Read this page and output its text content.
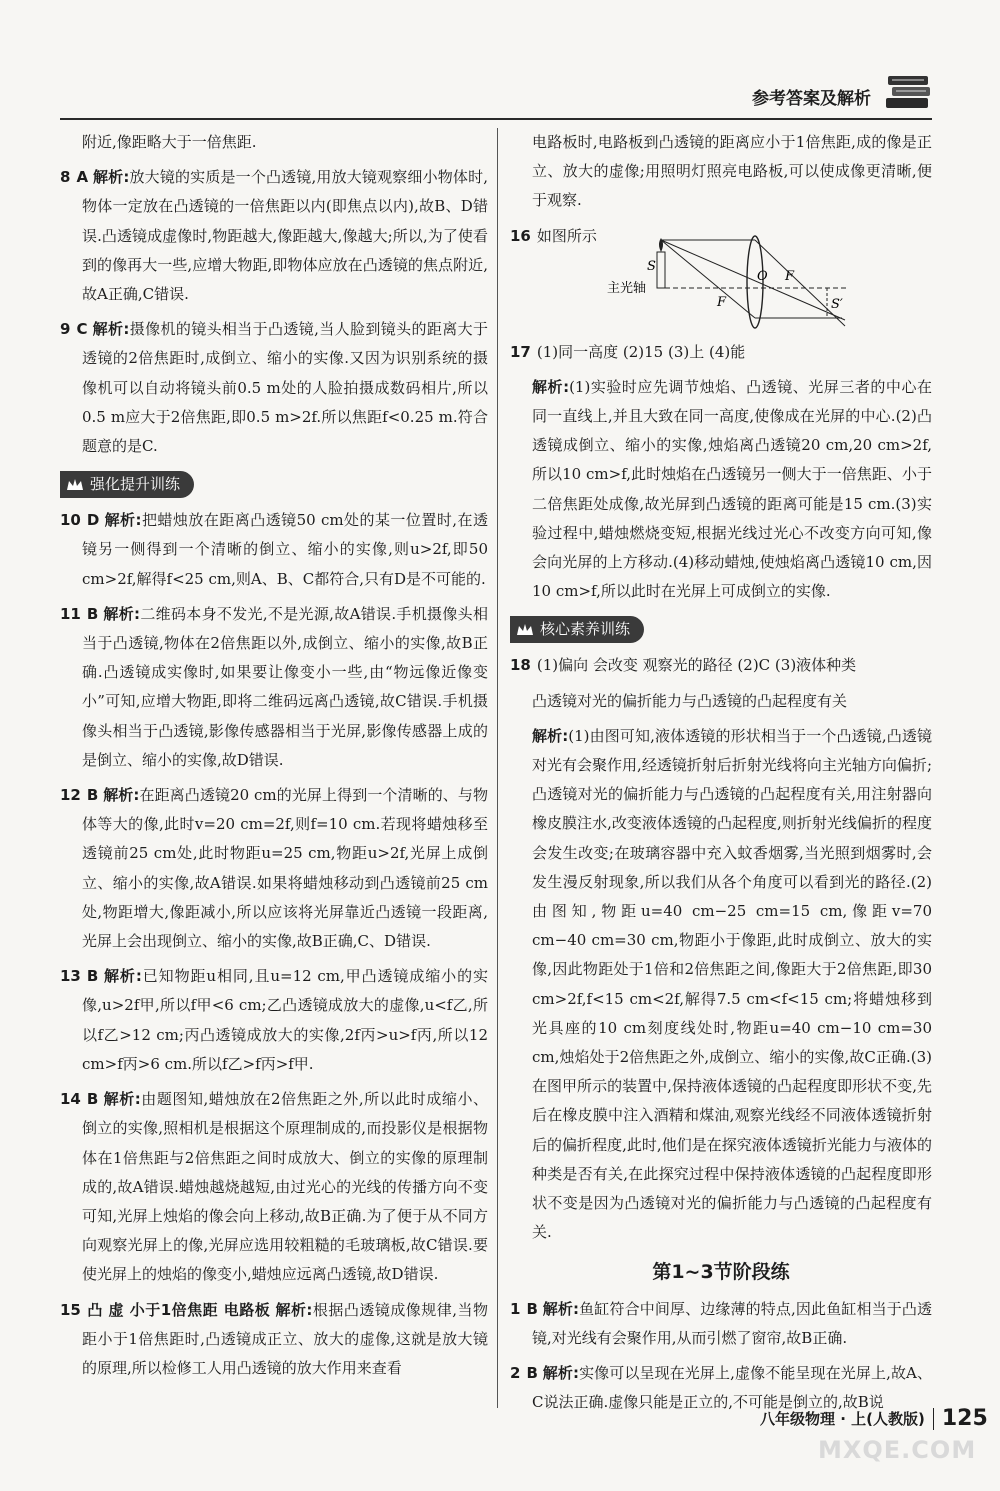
参考答案及解析

附近,像距略大于一倍焦距.

8 A 解析:放大镜的实质是一个凸透镜,用放大镜观察细小物体时,物体一定放在凸透镜的一倍焦距以内(即焦点以内),故B、D错误.凸透镜成虚像时,物距越大,像距越大,像越大;所以,为了使看到的像再大一些,应增大物距,即物体应放在凸透镜的焦点附近,故A正确,C错误.

9 C 解析:摄像机的镜头相当于凸透镜,当人脸到镜头的距离大于透镜的2倍焦距时,成倒立、缩小的实像.又因为识别系统的摄像机可以自动将镜头前0.5 m处的人脸拍摄成数码相片,所以0.5 m应大于2倍焦距,即0.5 m>2f.所以焦距f<0.25 m.符合题意的是C.

强化提升训练

10 D 解析:把蜡烛放在距离凸透镜50 cm处的某一位置时,在透镜另一侧得到一个清晰的倒立、缩小的实像,则u>2f,即50 cm>2f,解得f<25 cm,则A、B、C都符合,只有D是不可能的.

11 B 解析:二维码本身不发光,不是光源,故A错误.手机摄像头相当于凸透镜,物体在2倍焦距以外,成倒立、缩小的实像,故B正确.凸透镜成实像时,如果要让像变小一些,由“物远像近像变小”可知,应增大物距,即将二维码远离凸透镜,故C错误.手机摄像头相当于凸透镜,影像传感器相当于光屏,影像传感器上成的是倒立、缩小的实像,故D错误.

12 B 解析:在距离凸透镜20 cm的光屏上得到一个清晰的、与物体等大的像,此时v=20 cm=2f,则f=10 cm.若现将蜡烛移至透镜前25 cm处,此时物距u=25 cm,物距u>2f,光屏上成倒立、缩小的实像,故A错误.如果将蜡烛移动到凸透镜前25 cm处,物距增大,像距减小,所以应该将光屏靠近凸透镜一段距离,光屏上会出现倒立、缩小的实像,故B正确,C、D错误.

13 B 解析:已知物距u相同,且u=12 cm,甲凸透镜成缩小的实像,u>2f甲,所以f甲<6 cm;乙凸透镜成放大的虚像,u<f乙,所以f乙>12 cm;丙凸透镜成放大的实像,2f丙>u>f丙,所以12 cm>f丙>6 cm.所以f乙>f丙>f甲.

14 B 解析:由题图知,蜡烛放在2倍焦距之外,所以此时成缩小、倒立的实像,照相机是根据这个原理制成的,而投影仪是根据物体在1倍焦距与2倍焦距之间时成放大、倒立的实像的原理制成的,故A错误.蜡烛越烧越短,由过光心的光线的传播方向不变可知,光屏上烛焰的像会向上移动,故B正确.为了便于从不同方向观察光屏上的像,光屏应选用较粗糙的毛玻璃板,故C错误.要使光屏上的烛焰的像变小,蜡烛应远离凸透镜,故D错误.

15 凸 虚 小于1倍焦距 电路板 解析:根据凸透镜成像规律,当物距小于1倍焦距时,凸透镜成正立、放大的虚像,这就是放大镜的原理,所以检修工人用凸透镜的放大作用来查看

电路板时,电路板到凸透镜的距离应小于1倍焦距,成的像是正立、放大的虚像;用照明灯照亮电路板,可以使成像更清晰,便于观察.

16 如图所示
S
O F
F	S′
主光轴

17 (1)同一高度 (2)15 (3)上 (4)能

解析:(1)实验时应先调节烛焰、凸透镜、光屏三者的中心在同一直线上,并且大致在同一高度,使像成在光屏的中心.(2)凸透镜成倒立、缩小的实像,烛焰离凸透镜20 cm,20 cm>2f,所以10 cm>f,此时烛焰在凸透镜另一侧大于一倍焦距、小于二倍焦距处成像,故光屏到凸透镜的距离可能是15 cm.(3)实验过程中,蜡烛燃烧变短,根据光线过光心不改变方向可知,像会向光屏的上方移动.(4)移动蜡烛,使烛焰离凸透镜10 cm,因10 cm>f,所以此时在光屏上可成倒立的实像.

核心素养训练

18 (1)偏向 会改变 观察光的路径 (2)C (3)液体种类

凸透镜对光的偏折能力与凸透镜的凸起程度有关

解析:(1)由图可知,液体透镜的形状相当于一个凸透镜,凸透镜对光有会聚作用,经透镜折射后折射光线将向主光轴方向偏折;凸透镜对光的偏折能力与凸透镜的凸起程度有关,用注射器向橡皮膜注水,改变液体透镜的凸起程度,则折射光线偏折的程度会发生改变;在玻璃容器中充入蚊香烟雾,当光照到烟雾时,会发生漫反射现象,所以我们从各个角度可以看到光的路径.(2)由图知,物距u=40 cm−25 cm=15 cm,像距v=70 cm−40 cm=30 cm,物距小于像距,此时成倒立、放大的实像,因此物距处于1倍和2倍焦距之间,像距大于2倍焦距,即30 cm>2f,f<15 cm<2f,解得7.5 cm<f<15 cm;将蜡烛移到光具座的10 cm刻度线处时,物距u=40 cm−10 cm=30 cm,烛焰处于2倍焦距之外,成倒立、缩小的实像,故C正确.(3)在图甲所示的装置中,保持液体透镜的凸起程度即形状不变,先后在橡皮膜中注入酒精和煤油,观察光线经不同液体透镜折射后的偏折程度,此时,他们是在探究液体透镜折光能力与液体的种类是否有关,在此探究过程中保持液体透镜的凸起程度即形状不变是因为凸透镜对光的偏折能力与凸透镜的凸起程度有关.

第1~3节阶段练

1 B 解析:鱼缸符合中间厚、边缘薄的特点,因此鱼缸相当于凸透镜,对光线有会聚作用,从而引燃了窗帘,故B正确.

2 B 解析:实像可以呈现在光屏上,虚像不能呈现在光屏上,故A、C说法正确.虚像只能是正立的,不可能是倒立的,故B说

八年级物理 · 上(人教版) 125
MXQE.COM
